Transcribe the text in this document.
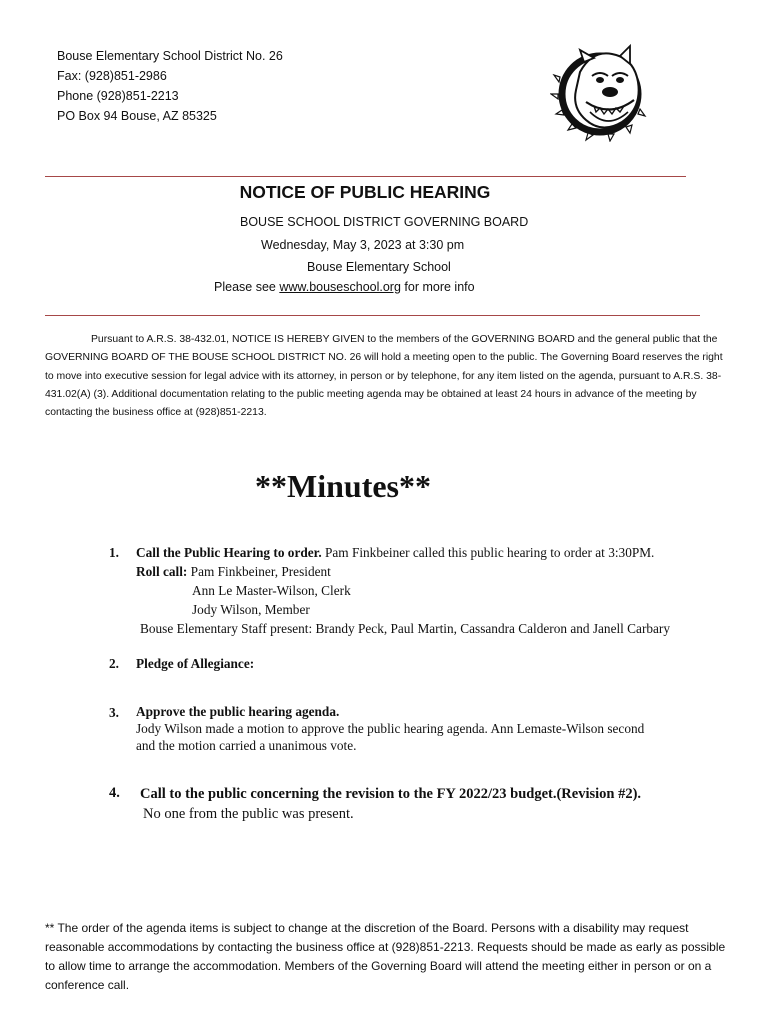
Bouse Elementary School District No. 26
Fax: (928)851-2986
Phone (928)851-2213
PO Box 94 Bouse, AZ 85325
NOTICE OF PUBLIC HEARING
BOUSE SCHOOL DISTRICT GOVERNING BOARD
Wednesday, May 3, 2023 at 3:30 pm
Bouse Elementary School
Please see www.bouseschool.org for more info
Pursuant to A.R.S. 38-432.01, NOTICE IS HEREBY GIVEN to the members of the GOVERNING BOARD and the general public that the GOVERNING BOARD OF THE BOUSE SCHOOL DISTRICT NO. 26 will hold a meeting open to the public. The Governing Board reserves the right to move into executive session for legal advice with its attorney, in person or by telephone, for any item listed on the agenda, pursuant to A.R.S. 38-431.02(A) (3). Additional documentation relating to the public meeting agenda may be obtained at least 24 hours in advance of the meeting by contacting the business office at (928)851-2213.
**Minutes**
1. Call the Public Hearing to order. Pam Finkbeiner called this public hearing to order at 3:30PM.
Roll call: Pam Finkbeiner, President
Ann Le Master-Wilson, Clerk
Jody Wilson, Member
Bouse Elementary Staff present: Brandy Peck, Paul Martin, Cassandra Calderon and Janell Carbary
2. Pledge of Allegiance:
3. Approve the public hearing agenda.
Jody Wilson made a motion to approve the public hearing agenda. Ann Lemaste-Wilson second
and the motion carried a unanimous vote.
4. Call to the public concerning the revision to the FY 2022/23 budget.(Revision #2).
No one from the public was present.
** The order of the agenda items is subject to change at the discretion of the Board. Persons with a disability may request reasonable accommodations by contacting the business office at (928)851-2213. Requests should be made as early as possible to allow time to arrange the accommodation. Members of the Governing Board will attend the meeting either in person or on a conference call.
